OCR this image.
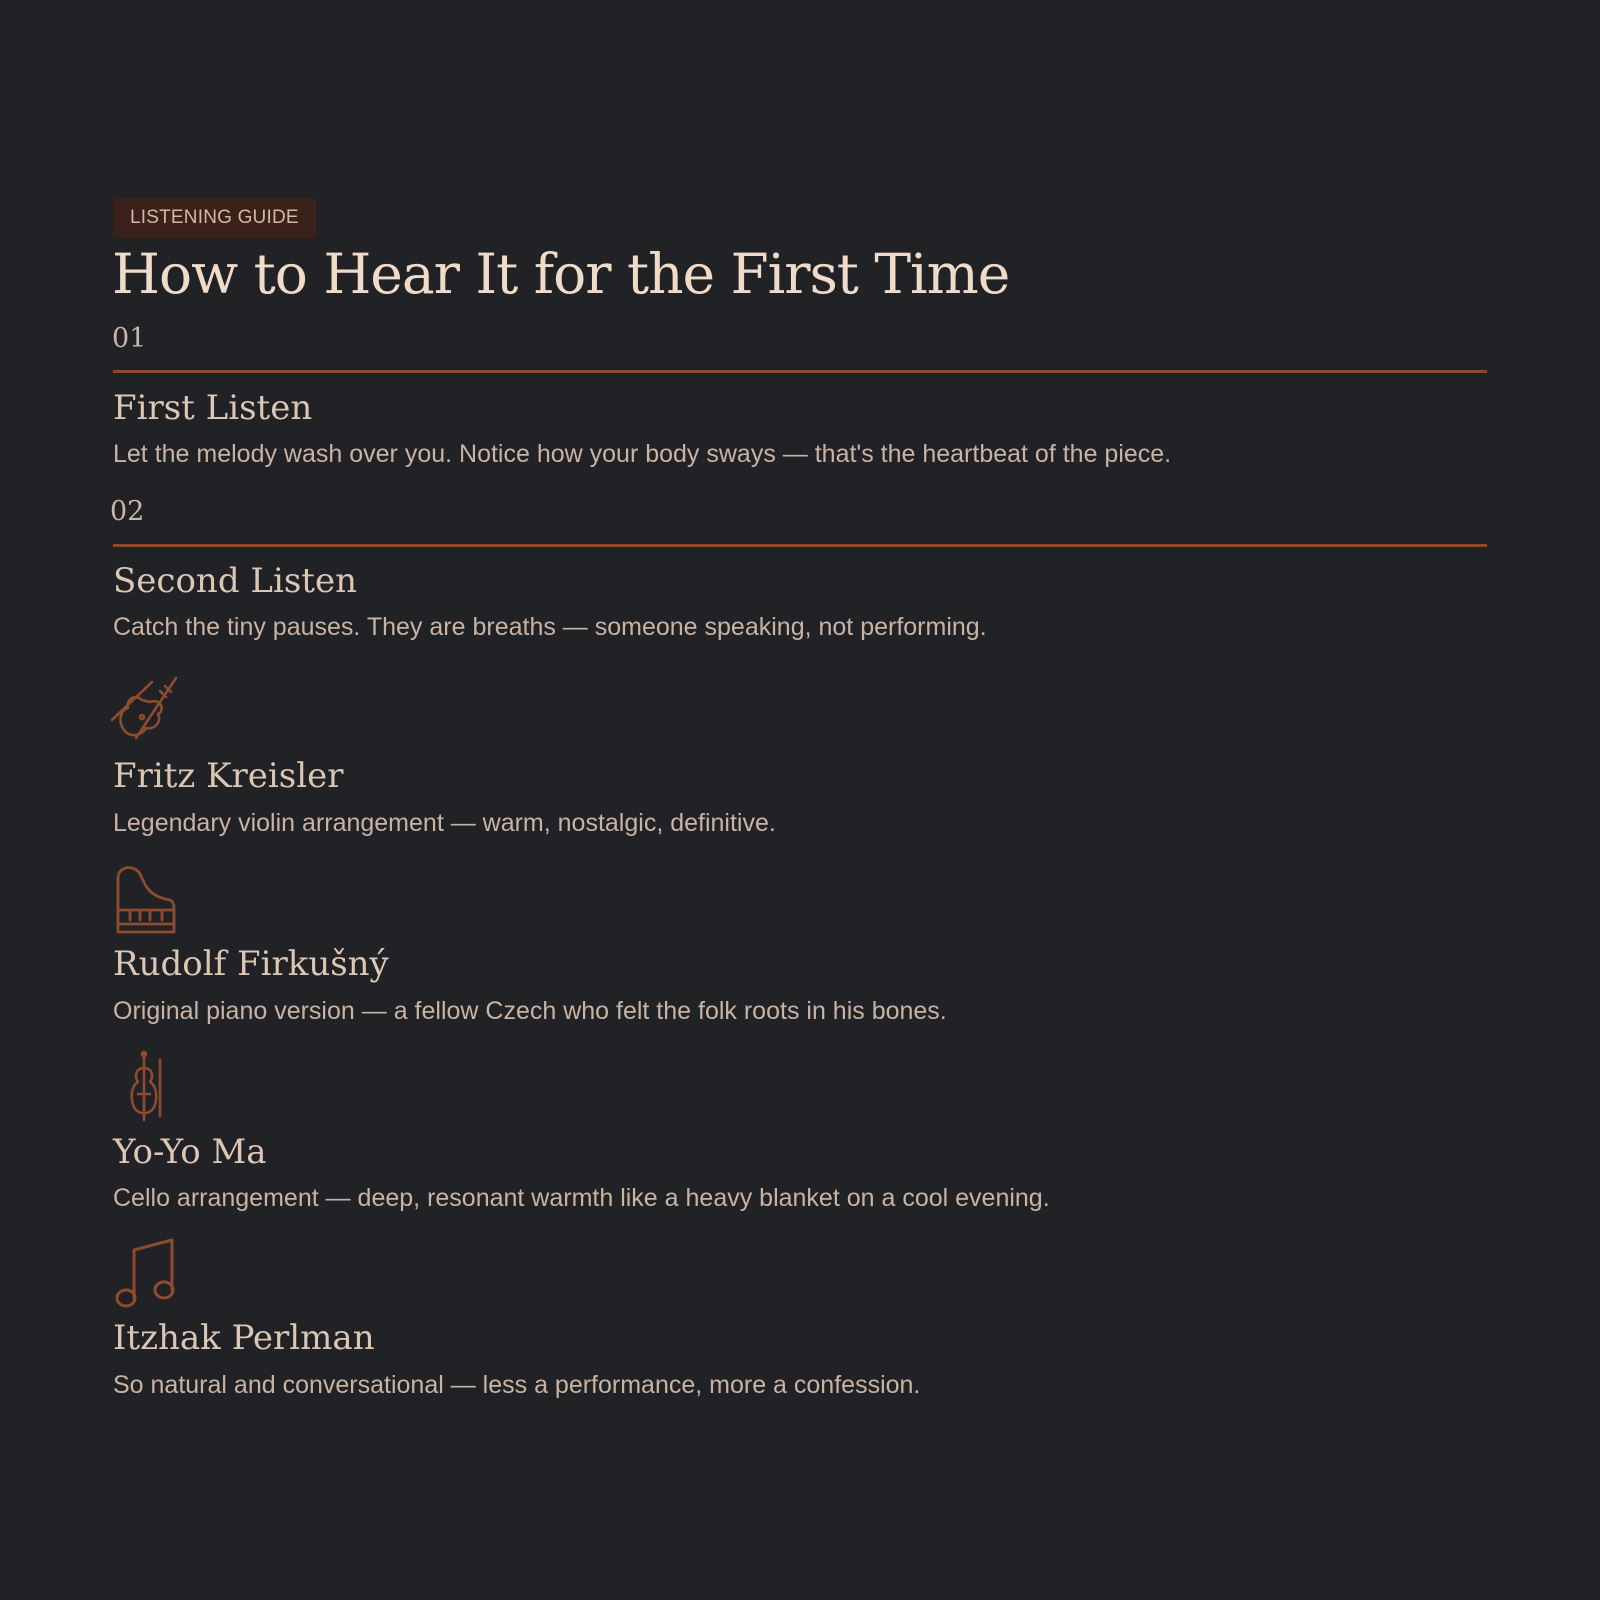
LISTENING GUIDE
How to Hear It for the First Time
01
First Listen

Let the melody wash over you. Notice how your body sways — that's the heartbeat of the piece.

02
Second Listen

Catch the tiny pauses. They are breaths — someone speaking, not performing.

Fritz Kreisler

Legendary violin arrangement — warm, nostalgic, definitive.

Rudolf Firkušný

Original piano version — a fellow Czech who felt the folk roots in his bones.

Yo-Yo Ma

Cello arrangement — deep, resonant warmth like a heavy blanket on a cool evening.

Itzhak Perlman

So natural and conversational — less a performance, more a confession.
